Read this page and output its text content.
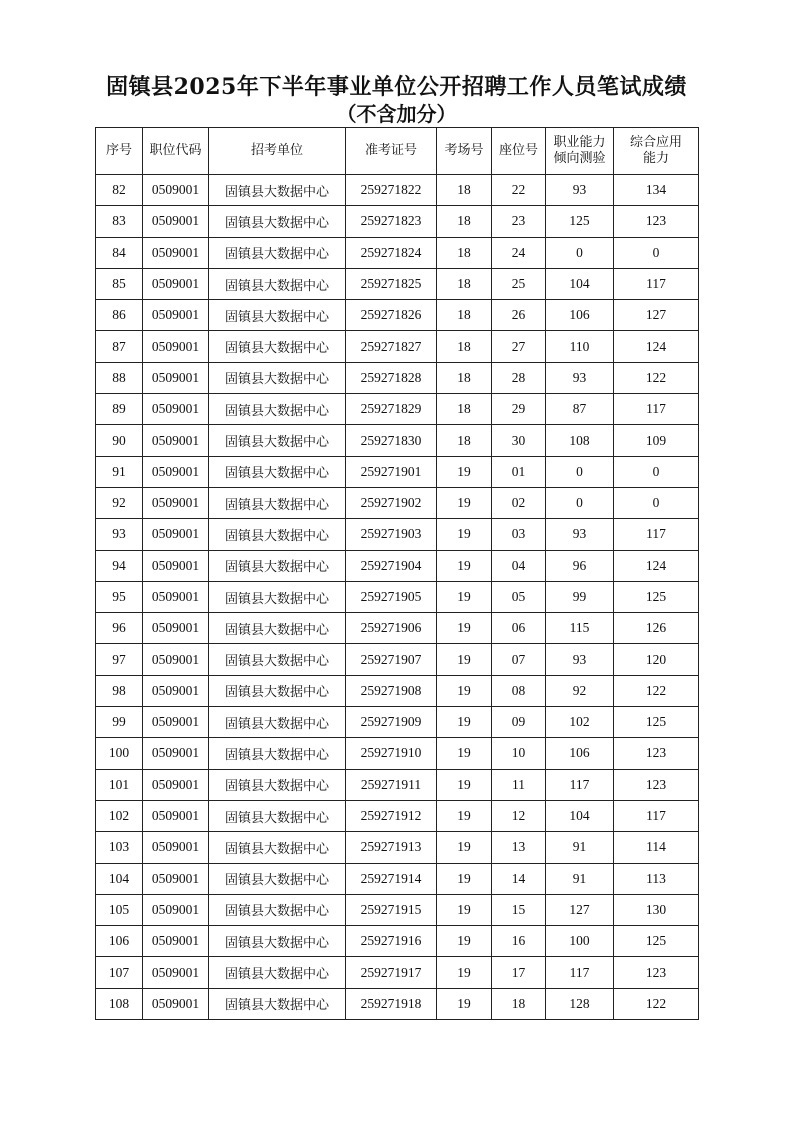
固镇县2025年下半年事业单位公开招聘工作人员笔试成绩
（不含加分）
序号	职位代码	招考单位	准考证号	考场号	座位号	职业能力倾向测验	综合应用能力
82	0509001	固镇县大数据中心	259271822	18	22	93	134
83	0509001	固镇县大数据中心	259271823	18	23	125	123
84	0509001	固镇县大数据中心	259271824	18	24	0	0
85	0509001	固镇县大数据中心	259271825	18	25	104	117
86	0509001	固镇县大数据中心	259271826	18	26	106	127
87	0509001	固镇县大数据中心	259271827	18	27	110	124
88	0509001	固镇县大数据中心	259271828	18	28	93	122
89	0509001	固镇县大数据中心	259271829	18	29	87	117
90	0509001	固镇县大数据中心	259271830	18	30	108	109
91	0509001	固镇县大数据中心	259271901	19	01	0	0
92	0509001	固镇县大数据中心	259271902	19	02	0	0
93	0509001	固镇县大数据中心	259271903	19	03	93	117
94	0509001	固镇县大数据中心	259271904	19	04	96	124
95	0509001	固镇县大数据中心	259271905	19	05	99	125
96	0509001	固镇县大数据中心	259271906	19	06	115	126
97	0509001	固镇县大数据中心	259271907	19	07	93	120
98	0509001	固镇县大数据中心	259271908	19	08	92	122
99	0509001	固镇县大数据中心	259271909	19	09	102	125
100	0509001	固镇县大数据中心	259271910	19	10	106	123
101	0509001	固镇县大数据中心	259271911	19	11	117	123
102	0509001	固镇县大数据中心	259271912	19	12	104	117
103	0509001	固镇县大数据中心	259271913	19	13	91	114
104	0509001	固镇县大数据中心	259271914	19	14	91	113
105	0509001	固镇县大数据中心	259271915	19	15	127	130
106	0509001	固镇县大数据中心	259271916	19	16	100	125
107	0509001	固镇县大数据中心	259271917	19	17	117	123
108	0509001	固镇县大数据中心	259271918	19	18	128	122
